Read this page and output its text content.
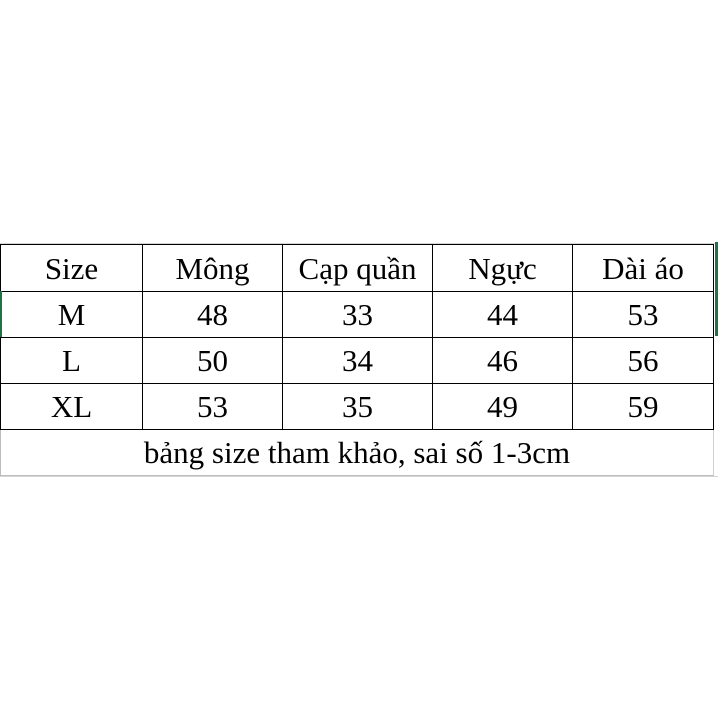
Size	Mông	Cạp quần	Ngực	Dài áo
M	48	33	44	53
L	50	34	46	56
XL	53	35	49	59
bảng size tham khảo, sai số 1-3cm				
